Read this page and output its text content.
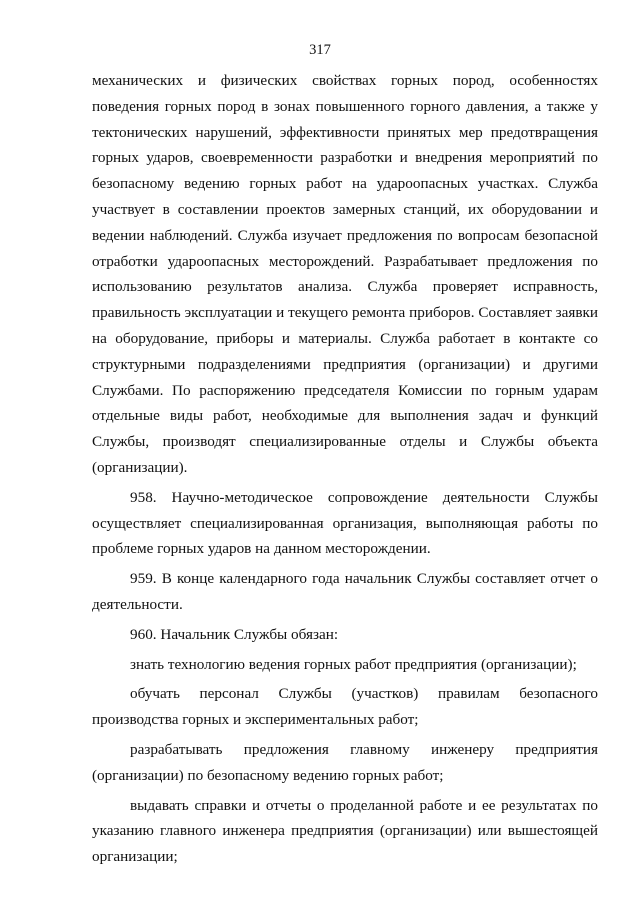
317

механических и физических свойствах горных пород, особенностях поведения горных пород в зонах повышенного горного давления, а также у тектонических нарушений, эффективности принятых мер предотвращения горных ударов, своевременности разработки и внедрения мероприятий по безопасному ведению горных работ на удароопасных участках. Служба участвует в составлении проектов замерных станций, их оборудовании и ведении наблюдений. Служба изучает предложения по вопросам безопасной отработки удароопасных месторождений. Разрабатывает предложения по использованию результатов анализа. Служба проверяет исправность, правильность эксплуатации и текущего ремонта приборов. Составляет заявки на оборудование, приборы и материалы. Служба работает в контакте со структурными подразделениями предприятия (организации) и другими Службами. По распоряжению председателя Комиссии по горным ударам отдельные виды работ, необходимые для выполнения задач и функций Службы, производят специализированные отделы и Службы объекта (организации).

958. Научно-методическое сопровождение деятельности Службы осуществляет специализированная организация, выполняющая работы по проблеме горных ударов на данном месторождении.

959. В конце календарного года начальник Службы составляет отчет о деятельности.

960. Начальник Службы обязан:

знать технологию ведения горных работ предприятия (организации);

обучать персонал Службы (участков) правилам безопасного производства горных и экспериментальных работ;

разрабатывать предложения главному инженеру предприятия (организации) по безопасному ведению горных работ;

выдавать справки и отчеты о проделанной работе и ее результатах по указанию главного инженера предприятия (организации) или вышестоящей организации;
